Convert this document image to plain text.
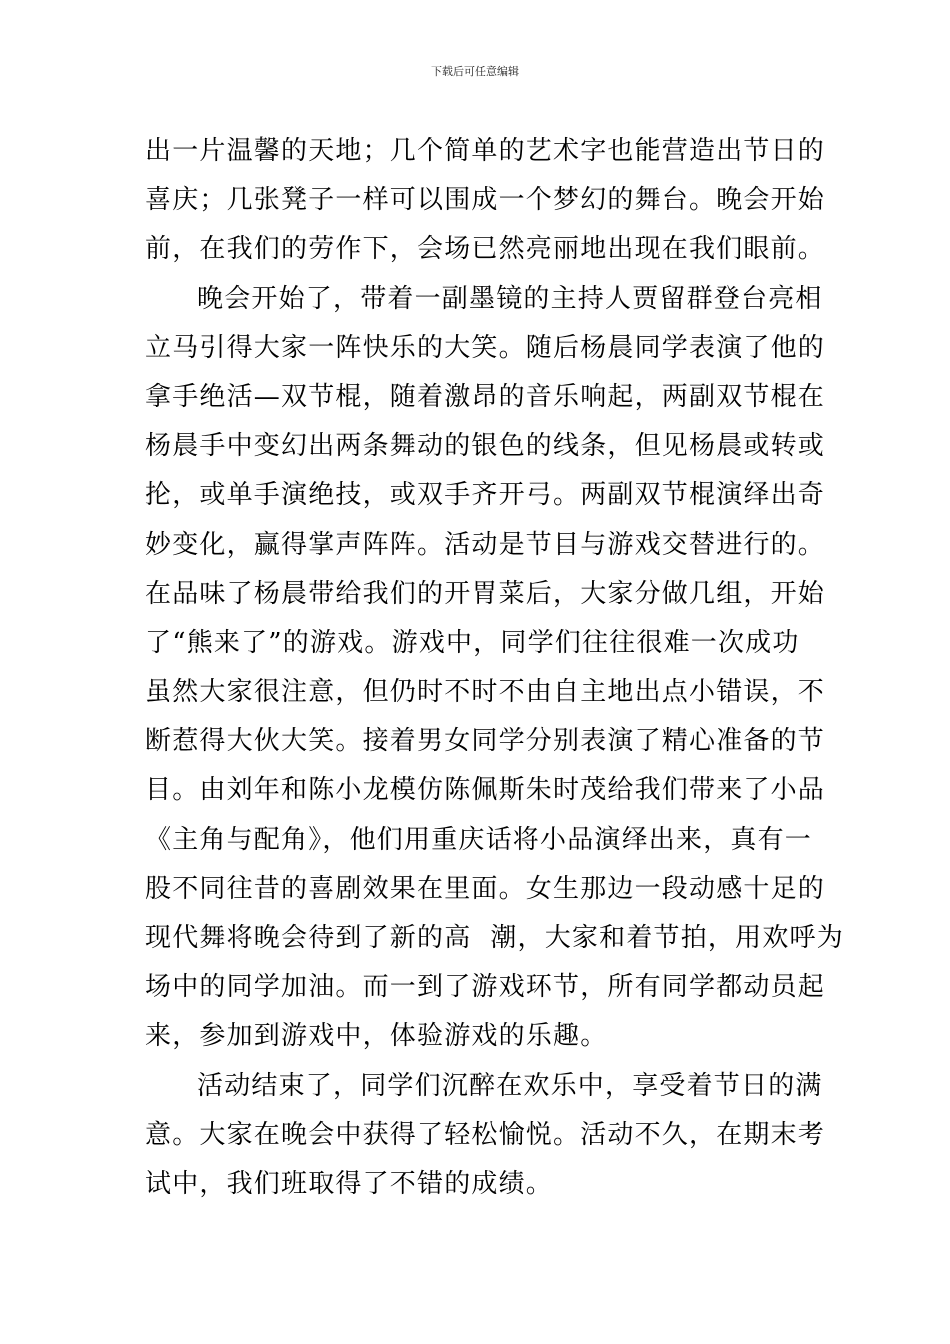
下载后可任意编辑
出一片温馨的天地；几个简单的艺术字也能营造出节日的
喜庆；几张凳子一样可以围成一个梦幻的舞台。晚会开始
前，在我们的劳作下，会场已然亮丽地出现在我们眼前。
晚会开始了，带着一副墨镜的主持人贾留群登台亮相
立马引得大家一阵快乐的大笑。随后杨晨同学表演了他的
拿手绝活—双节棍，随着激昂的音乐响起，两副双节棍在
杨晨手中变幻出两条舞动的银色的线条，但见杨晨或转或
抡，或单手演绝技，或双手齐开弓。两副双节棍演绎出奇
妙变化，赢得掌声阵阵。活动是节目与游戏交替进行的。
在品味了杨晨带给我们的开胃菜后，大家分做几组，开始
了“熊来了”的游戏。游戏中，同学们往往很难一次成功
虽然大家很注意，但仍时不时不由自主地出点小错误，不
断惹得大伙大笑。接着男女同学分别表演了精心准备的节
目。由刘年和陈小龙模仿陈佩斯朱时茂给我们带来了小品
《主角与配角》，他们用重庆话将小品演绎出来，真有一
股不同往昔的喜剧效果在里面。女生那边一段动感十足的
现代舞将晚会待到了新的高  潮，大家和着节拍，用欢呼为
场中的同学加油。而一到了游戏环节，所有同学都动员起
来，参加到游戏中，体验游戏的乐趣。
活动结束了，同学们沉醉在欢乐中，享受着节日的满
意。大家在晚会中获得了轻松愉悦。活动不久，在期末考
试中，我们班取得了不错的成绩。
